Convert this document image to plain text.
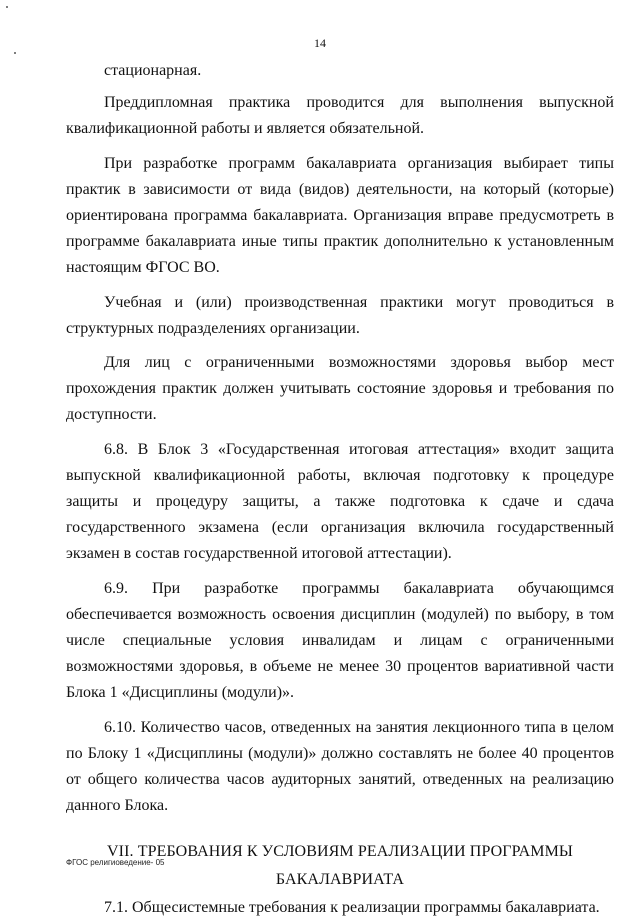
14

стационарная.

Преддипломная практика проводится для выполнения выпускной квалификационной работы и является обязательной.

При разработке программ бакалавриата организация выбирает типы практик в зависимости от вида (видов) деятельности, на который (которые) ориентирована программа бакалавриата. Организация вправе предусмотреть в программе бакалавриата иные типы практик дополнительно к установленным настоящим ФГОС ВО.

Учебная и (или) производственная практики могут проводиться в структурных подразделениях организации.

Для лиц с ограниченными возможностями здоровья выбор мест прохождения практик должен учитывать состояние здоровья и требования по доступности.

6.8. В Блок 3 «Государственная итоговая аттестация» входит защита выпускной квалификационной работы, включая подготовку к процедуре защиты и процедуру защиты, а также подготовка к сдаче и сдача государственного экзамена (если организация включила государственный экзамен в состав государственной итоговой аттестации).

6.9. При разработке программы бакалавриата обучающимся обеспечивается возможность освоения дисциплин (модулей) по выбору, в том числе специальные условия инвалидам и лицам с ограниченными возможностями здоровья, в объеме не менее 30 процентов вариативной части Блока 1 «Дисциплины (модули)».

6.10. Количество часов, отведенных на занятия лекционного типа в целом по Блоку 1 «Дисциплины (модули)» должно составлять не более 40 процентов от общего количества часов аудиторных занятий, отведенных на реализацию данного Блока.

VII. ТРЕБОВАНИЯ К УСЛОВИЯМ РЕАЛИЗАЦИИ ПРОГРАММЫ
БАКАЛАВРИАТА

7.1. Общесистемные требования к реализации программы бакалавриата.

ФГОС религиоведение- 05
